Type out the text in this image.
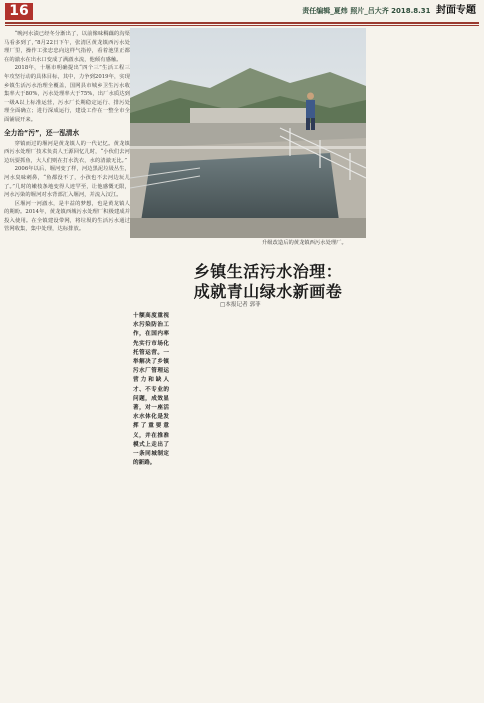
16	责任编辑_夏炜 照片_吕大齐 2018.8.31 封面专题
升级改造后的黄龙镇西污水处理厂。
乡镇生活污水治理：
成就青山绿水新画卷
□本报记者 郭菲
十额高度重视水污染防治工作，在国内率先实行市场化托管运营。一举解决了乡镇污水厂管理运营力和缺人才、不专业的问题，成效显著，对一座活水水体化是发挥了重要意义，并在推准模式上走出了一条同城制定的新路。

“晚河水渍已经冬分渐出了，以前像味稠藕的沟渠马看多到了，”8月22日下午，张清区黄龙镇西污水处理厂里，操作工张忠忠向这样气指停，看着池里正都在的澈水在出水口变成了满澈水流，他倾有感触。

2018年，十堰市明确提出“四个三”生活工程三年攻坚行动的具体目标，其中，力争到2019年，实现乡镇生活污水治理全覆盖，国网县市城乡卫生污水收集率大于80%，污水处理率大于75%，出厂水质达到一级A以上标准运营，污水厂长期稳定运行、排污处理全面确立；进行深成运行，建设工作在一整全市全面铺展开来。

全力治“污”，还一泓清水

穿镇而过的堰河是黄龙镇人的一代记忆。黄龙镇西污水处理厂技术负责人王源回忆儿时，“小伙们去河边玩耍抓鱼，大人们则在打水洗衣，水的清澈无比。”

2006年以后，堰河变了样，河边黑泥垃圾丛生，河水臭味刺鼻，“鱼都没不了，小孩也不去河边玩儿了。”几时的嫩枝条地变得人迹罕至，让他感慨无限，河水污染的堰河对水背部汇入堰河，并流入汉江。

区堰河一河澈水，是丰益的梦想，也是黄龙镇人的期盼。2014年，黄龙镇西城污水处理厂积极建成并投入使用。在全镇建设带网，将垃圾的生活污水通过管网收集，集中处理，达标排放。
